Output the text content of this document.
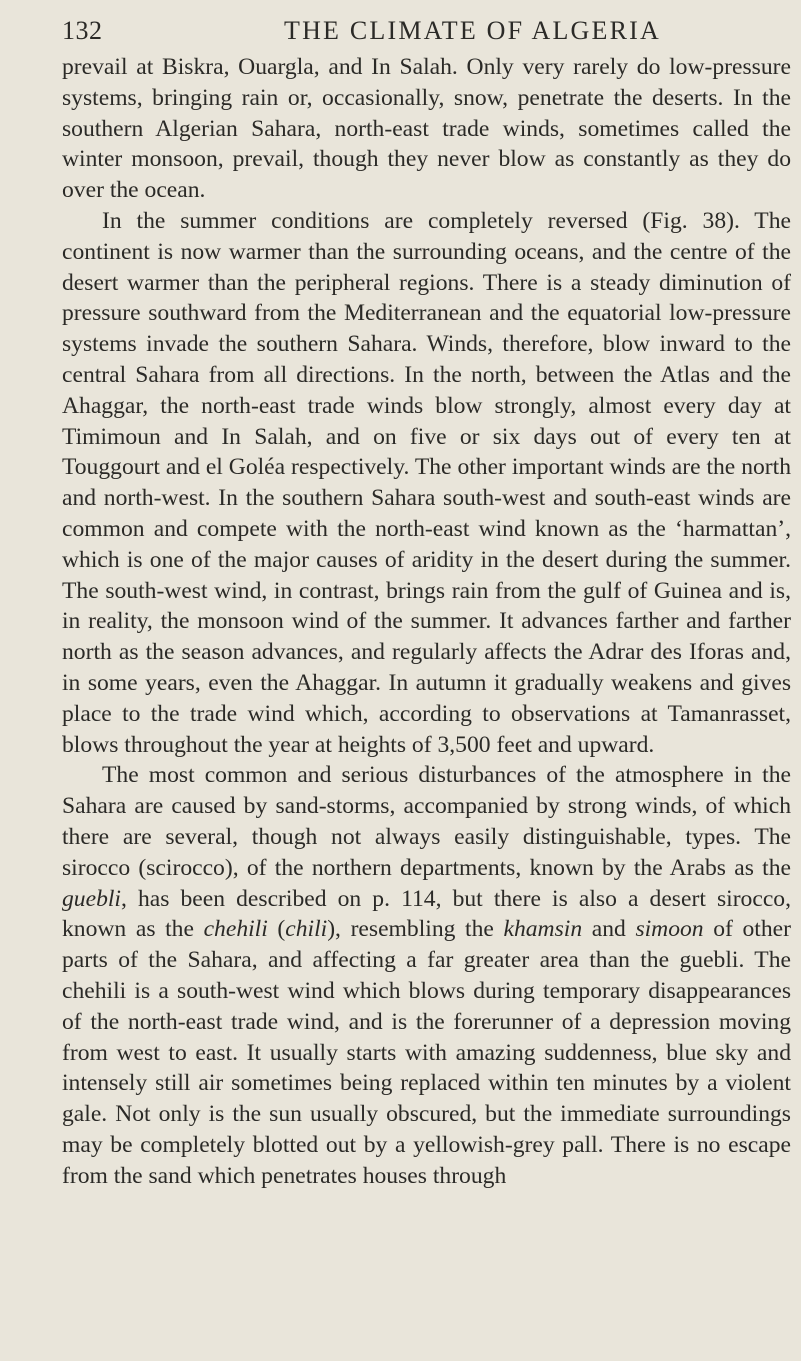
132	THE CLIMATE OF ALGERIA

prevail at Biskra, Ouargla, and In Salah. Only very rarely do low-pressure systems, bringing rain or, occasionally, snow, penetrate the deserts. In the southern Algerian Sahara, north-east trade winds, sometimes called the winter monsoon, prevail, though they never blow as constantly as they do over the ocean.

In the summer conditions are completely reversed (Fig. 38). The continent is now warmer than the surrounding oceans, and the centre of the desert warmer than the peripheral regions. There is a steady diminution of pressure southward from the Mediterranean and the equatorial low-pressure systems invade the southern Sahara. Winds, therefore, blow inward to the central Sahara from all directions. In the north, between the Atlas and the Ahaggar, the north-east trade winds blow strongly, almost every day at Timimoun and In Salah, and on five or six days out of every ten at Touggourt and el Goléa respectively. The other important winds are the north and north-west. In the southern Sahara south-west and south-east winds are common and compete with the north-east wind known as the ‘harmattan’, which is one of the major causes of aridity in the desert during the summer. The south-west wind, in contrast, brings rain from the gulf of Guinea and is, in reality, the monsoon wind of the summer. It advances farther and farther north as the season advances, and regularly affects the Adrar des Iforas and, in some years, even the Ahaggar. In autumn it gradually weakens and gives place to the trade wind which, according to observations at Tamanrasset, blows throughout the year at heights of 3,500 feet and upward.

The most common and serious disturbances of the atmosphere in the Sahara are caused by sand-storms, accompanied by strong winds, of which there are several, though not always easily distinguishable, types. The sirocco (scirocco), of the northern departments, known by the Arabs as the guebli, has been described on p. 114, but there is also a desert sirocco, known as the chehili (chili), resembling the khamsin and simoon of other parts of the Sahara, and affecting a far greater area than the guebli. The chehili is a south-west wind which blows during temporary disappearances of the north-east trade wind, and is the forerunner of a depression moving from west to east. It usually starts with amazing suddenness, blue sky and intensely still air sometimes being replaced within ten minutes by a violent gale. Not only is the sun usually obscured, but the immediate surroundings may be completely blotted out by a yellowish-grey pall. There is no escape from the sand which penetrates houses through
